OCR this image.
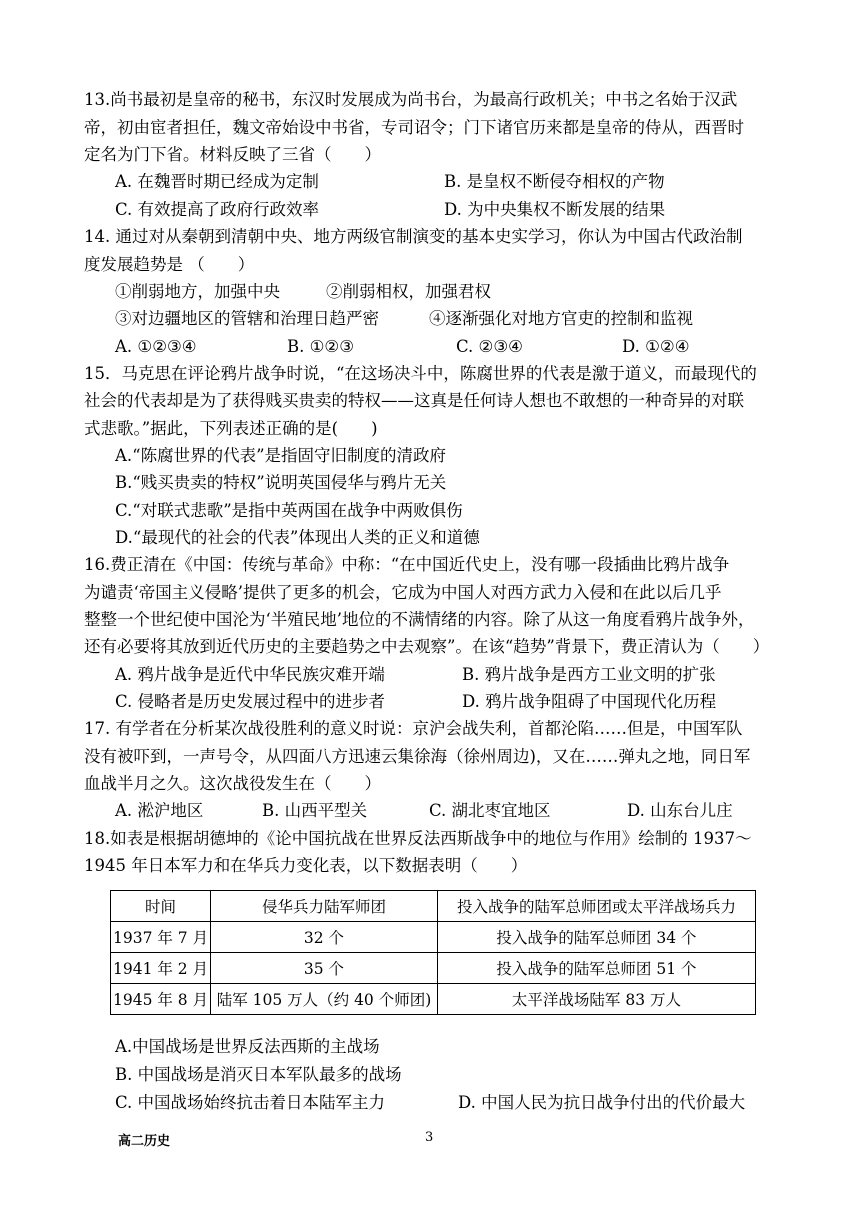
13.尚书最初是皇帝的秘书，东汉时发展成为尚书台，为最高行政机关；中书之名始于汉武
帝，初由宦者担任，魏文帝始设中书省，专司诏令；门下诸官历来都是皇帝的侍从，西晋时
定名为门下省。材料反映了三省（　　）
A. 在魏晋时期已经成为定制	B. 是皇权不断侵夺相权的产物
C. 有效提高了政府行政效率	D. 为中央集权不断发展的结果
14. 通过对从秦朝到清朝中央、地方两级官制演变的基本史实学习，你认为中国古代政治制
度发展趋势是 （　　）
①削弱地方，加强中央	②削弱相权，加强君权
③对边疆地区的管辖和治理日趋严密	④逐渐强化对地方官吏的控制和监视
A. ①②③④	B. ①②③	C. ②③④	D. ①②④
15．马克思在评论鸦片战争时说，“在这场决斗中，陈腐世界的代表是激于道义，而最现代的
社会的代表却是为了获得贱买贵卖的特权——这真是任何诗人想也不敢想的一种奇异的对联
式悲歌。”据此，下列表述正确的是(　　)
A.“陈腐世界的代表”是指固守旧制度的清政府
B.“贱买贵卖的特权”说明英国侵华与鸦片无关
C.“对联式悲歌”是指中英两国在战争中两败俱伤
D.“最现代的社会的代表”体现出人类的正义和道德
16.费正清在《中国：传统与革命》中称：“在中国近代史上，没有哪一段插曲比鸦片战争
为谴责‘帝国主义侵略’提供了更多的机会，它成为中国人对西方武力入侵和在此以后几乎
整整一个世纪使中国沦为‘半殖民地’地位的不满情绪的内容。除了从这一角度看鸦片战争外，
还有必要将其放到近代历史的主要趋势之中去观察”。在该“趋势”背景下，费正清认为（　　）
A. 鸦片战争是近代中华民族灾难开端	B. 鸦片战争是西方工业文明的扩张
C. 侵略者是历史发展过程中的进步者	D. 鸦片战争阻碍了中国现代化历程
17. 有学者在分析某次战役胜利的意义时说：京沪会战失利，首都沦陷……但是，中国军队
没有被吓到，一声号令，从四面八方迅速云集徐海（徐州周边)，又在……弹丸之地，同日军
血战半月之久。这次战役发生在（　　）
A. 淞沪地区	B. 山西平型关	C. 湖北枣宜地区	D. 山东台儿庄
18.如表是根据胡德坤的《论中国抗战在世界反法西斯战争中的地位与作用》绘制的 1937～
1945 年日本军力和在华兵力变化表，以下数据表明（　　）
时间	侵华兵力陆军师团	投入战争的陆军总师团或太平洋战场兵力
1937 年 7 月	32 个	投入战争的陆军总师团 34 个
1941 年 2 月	35 个	投入战争的陆军总师团 51 个
1945 年 8 月	陆军 105 万人（约 40 个师团)	太平洋战场陆军 83 万人
A.中国战场是世界反法西斯的主战场
B. 中国战场是消灭日本军队最多的战场
C. 中国战场始终抗击着日本陆军主力	D. 中国人民为抗日战争付出的代价最大
高二历史	3
